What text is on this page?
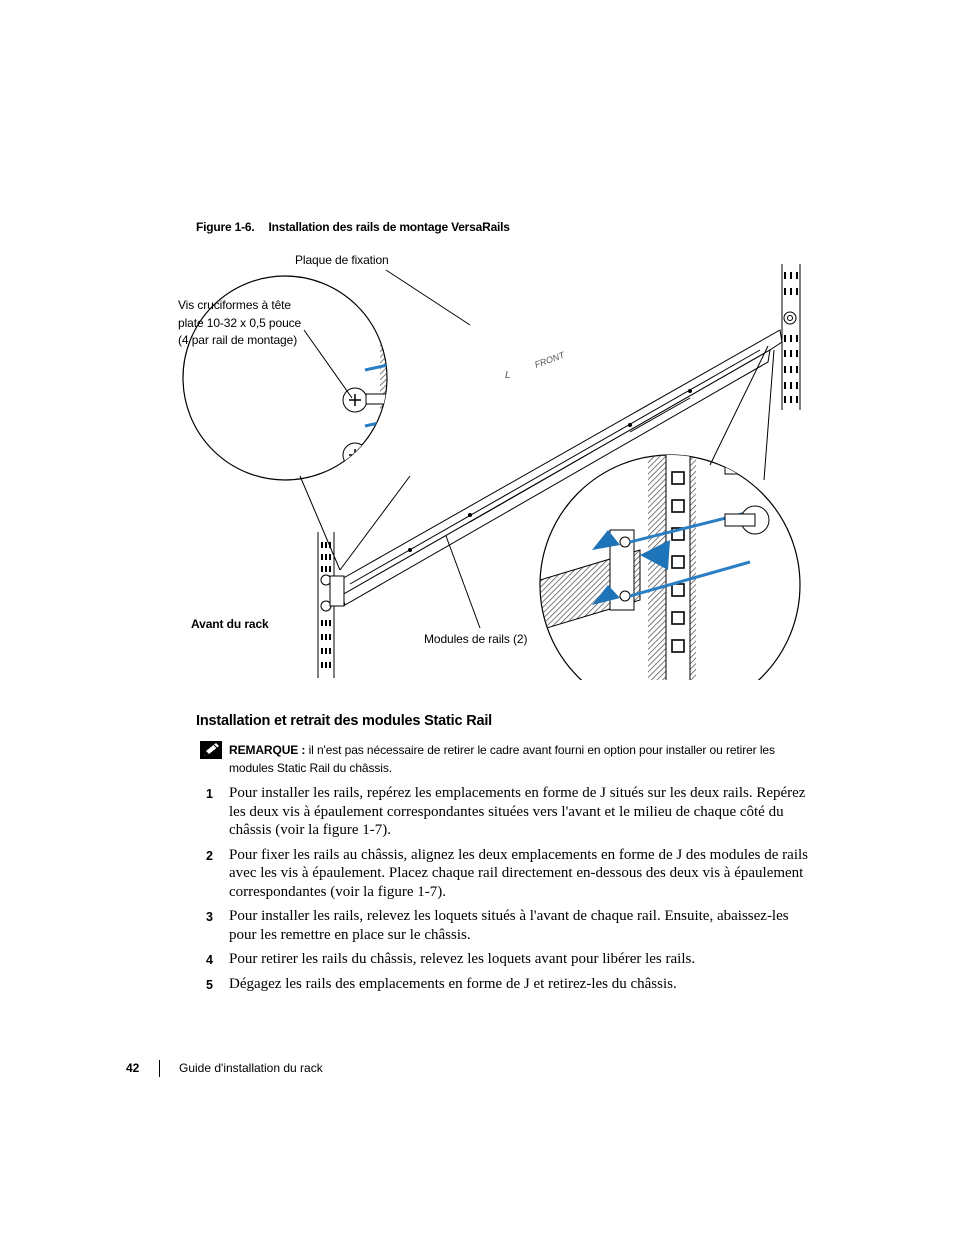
Figure 1-6. Installation des rails de montage VersaRails
L
FRONT
Plaque de fixation
Vis cruciformes à tête
plate 10-32 x 0,5 pouce
(4 par rail de montage)
Avant du rack
Modules de rails (2)
Installation et retrait des modules Static Rail
REMARQUE : il n'est pas nécessaire de retirer le cadre avant fourni en option pour installer ou retirer les modules Static Rail du châssis.
1 Pour installer les rails, repérez les emplacements en forme de J situés sur les deux rails. Repérez les deux vis à épaulement correspondantes situées vers l'avant et le milieu de chaque côté du châssis (voir la figure 1-7).
2 Pour fixer les rails au châssis, alignez les deux emplacements en forme de J des modules de rails avec les vis à épaulement. Placez chaque rail directement en-dessous des deux vis à épaulement correspondantes (voir la figure 1-7).
3 Pour installer les rails, relevez les loquets situés à l'avant de chaque rail. Ensuite, abaissez-les pour les remettre en place sur le châssis.
4 Pour retirer les rails du châssis, relevez les loquets avant pour libérer les rails.
5 Dégagez les rails des emplacements en forme de J et retirez-les du châssis.
42	Guide d'installation du rack
